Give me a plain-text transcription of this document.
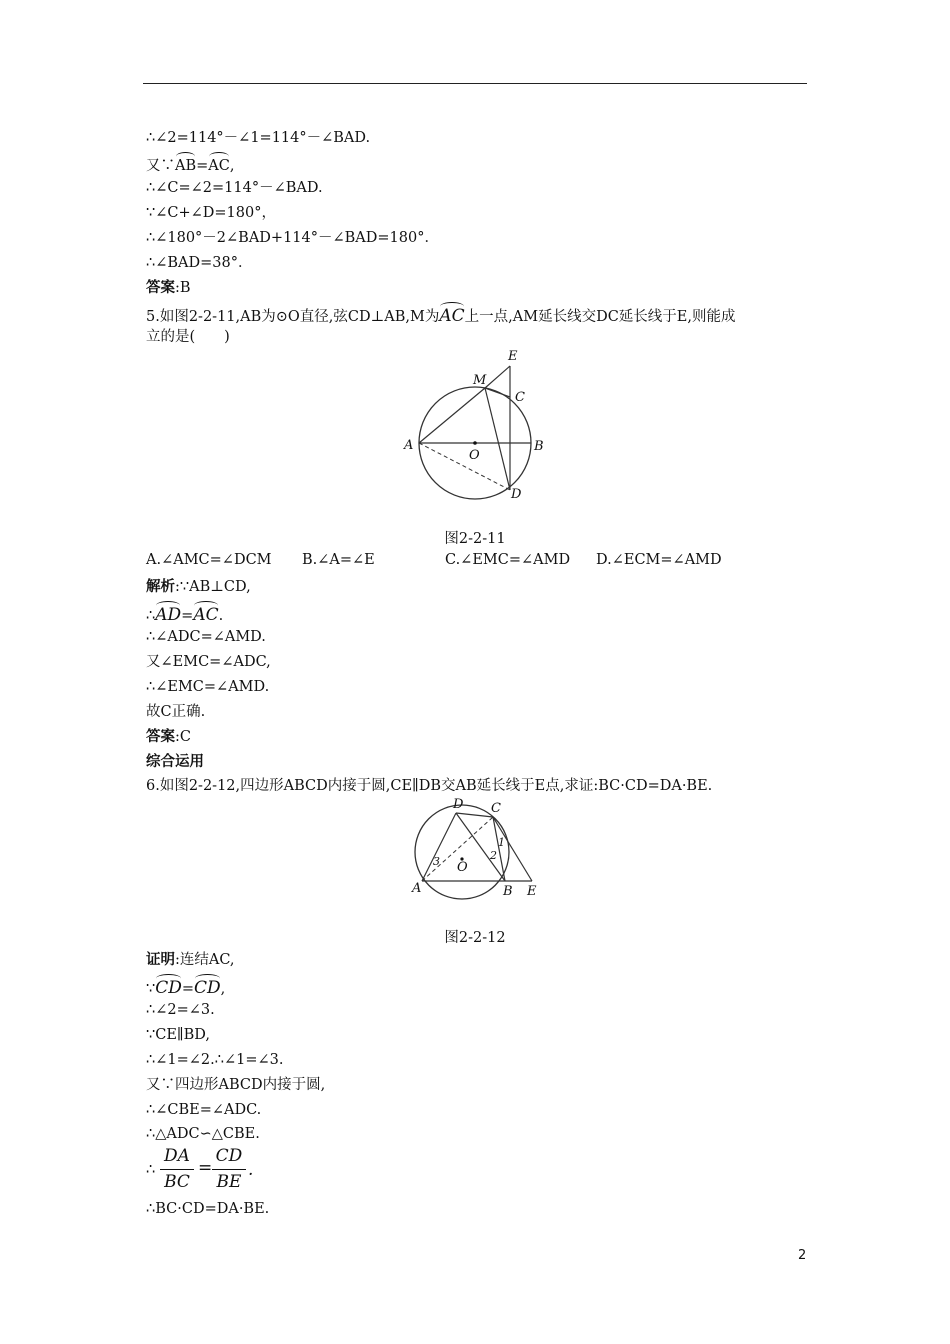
∴∠2=114°－∠1=114°－∠BAD.
又∵AB=AC,
∴∠C=∠2=114°－∠BAD.
∵∠C+∠D=180°，
∴∠180°－2∠BAD+114°－∠BAD=180°．
∴∠BAD=38°．
答案:B
5.如图2-2-11,AB为⊙O直径,弦CD⊥AB,M为AC上一点,AM延长线交DC延长线于E,则能成
立的是(　　)
E
M
C
A	B
O
D
图2-2-11
A.∠AMC=∠DCM B.∠A=∠E	C.∠EMC=∠AMD D.∠ECM=∠AMD
解析:∵AB⊥CD,
∴AD=AC.
∴∠ADC=∠AMD.
又∠EMC=∠ADC,
∴∠EMC=∠AMD.
故C正确.
答案:C
综合运用
6.如图2-2-12,四边形ABCD内接于圆,CE∥DB交AB延长线于E点,求证:BC·CD=DA·BE.
D C
A	B E
O
1
2
3
图2-2-12
证明:连结AC,
∵CD=CD,
∴∠2=∠3.
∵CE∥BD,
∴∠1=∠2.∴∠1=∠3.
又∵四边形ABCD内接于圆,
∴∠CBE=∠ADC.
∴△ADC∽△CBE.
∴
DA
BC
=
CD
BE
.
∴BC·CD=DA·BE.
2
